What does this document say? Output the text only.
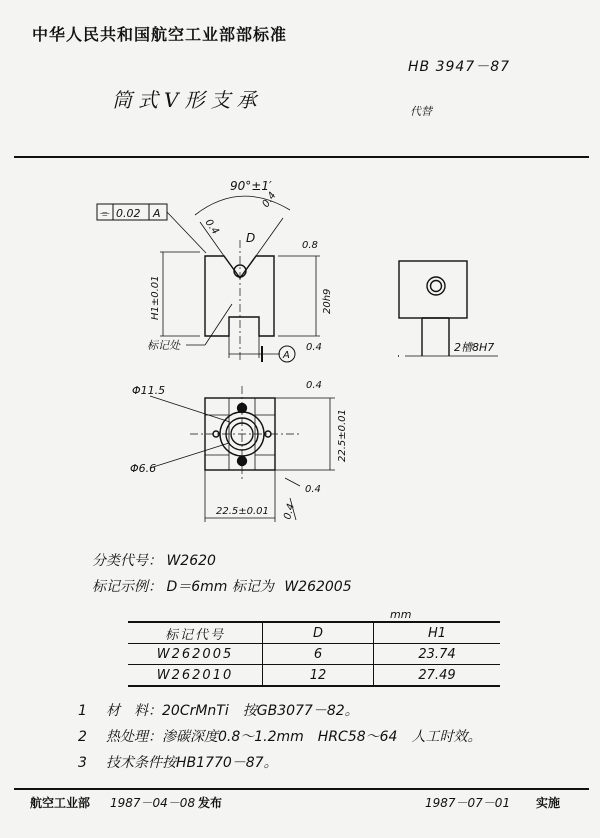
中华人民共和国航空工业部部标准
HB 3947－87
筒式V形支承	代替
90°±1′
⌯ 0.02 A
0.4
0.4
D
0.8
H1±0.01	20h9
0.4
标记处
A
2槽8H7
0.4
Φ11.5
Φ6.6
22.5±0.01
0.4
22.5±0.01 0.4
分类代号： W2620
标记示例： D＝6mm 标记为 W262005
mm
标记代号	D	H1
W262005	6	23.74
W262010	12	27.49
1 材　料：20CrMnTi　按GB3077－82。
2 热处理：渗碳深度0.8～1.2mm　HRC58～64　人工时效。
3 技术条件按HB1770－87。
航空工业部 1987－04－08 发布	1987－07－01 实施
